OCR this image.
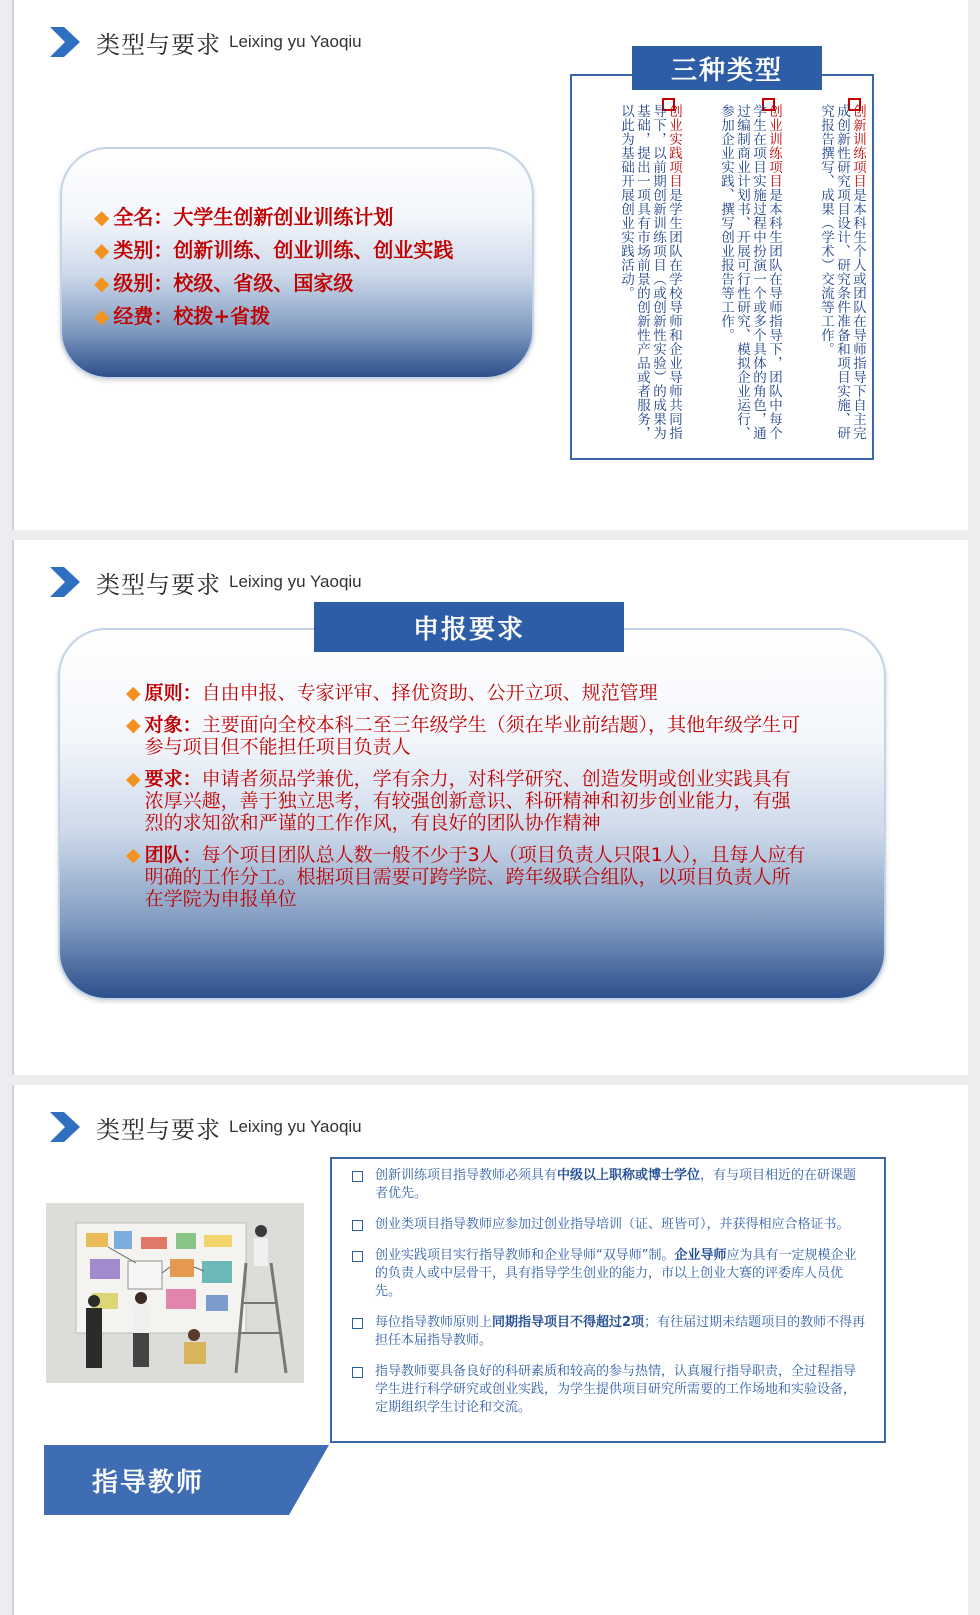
类型与要求 Leixing yu Yaoqiu
◆ 全名： 大学生创新创业训练计划
◆ 类别： 创新训练、创业训练、创业实践
◆ 级别： 校级、省级、国家级
◆ 经费： 校拨+省拨
创新训练项目是本科生个人或团队在导师指导下自主完成创新性研究项目设计、研究条件准备和项目实施、研究报告撰写、成果（学术）交流等工作。
创业训练项目是本科生团队在导师指导下，团队中每个学生在项目实施过程中扮演一个或多个具体的角色，通过编制商业计划书、开展可行性研究、模拟企业运行、参加企业实践、撰写创业报告等工作。
创业实践项目是学生团队在学校导师和企业导师共同指导下，以前期创新训练项目（或创新性实验）的成果为基础，提出一项具有市场前景的创新性产品或者服务，以此为基础开展创业实践活动。
三种类型
类型与要求 Leixing yu Yaoqiu
申报要求
◆ 原则：自由申报、专家评审、择优资助、公开立项、规范管理
◆ 对象：主要面向全校本科二至三年级学生（须在毕业前结题），其他年级学生可参与项目但不能担任项目负责人
◆ 要求：申请者须品学兼优，学有余力，对科学研究、创造发明或创业实践具有浓厚兴趣，善于独立思考，有较强创新意识、科研精神和初步创业能力，有强烈的求知欲和严谨的工作作风，有良好的团队协作精神
◆ 团队：每个项目团队总人数一般不少于3人（项目负责人只限1人），且每人应有明确的工作分工。根据项目需要可跨学院、跨年级联合组队，以项目负责人所在学院为申报单位
类型与要求 Leixing yu Yaoqiu
创新训练项目指导教师必须具有中级以上职称或博士学位，有与项目相近的在研课题者优先。
创业类项目指导教师应参加过创业指导培训（证、班皆可），并获得相应合格证书。
创业实践项目实行指导教师和企业导师“双导师”制。企业导师应为具有一定规模企业的负责人或中层骨干，具有指导学生创业的能力，市以上创业大赛的评委库人员优先。
每位指导教师原则上同期指导项目不得超过2项；有往届过期未结题项目的教师不得再担任本届指导教师。
指导教师要具备良好的科研素质和较高的参与热情，认真履行指导职责，全过程指导学生进行科学研究或创业实践，为学生提供项目研究所需要的工作场地和实验设备，定期组织学生讨论和交流。
指导教师
